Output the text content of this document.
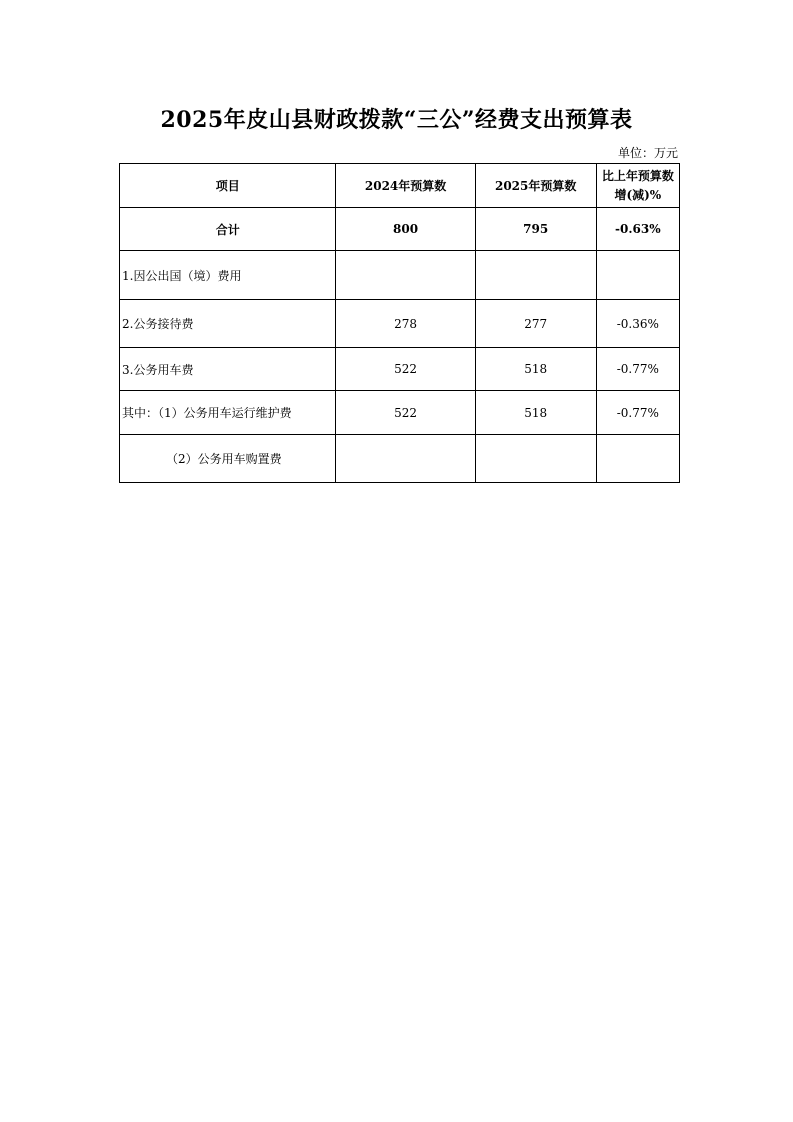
2025年皮山县财政拨款“三公”经费支出预算表
单位：万元
项目	2024年预算数	2025年预算数	比上年预算数
增(减)%
合计	800	795	-0.63%
1.因公出国（境）费用			
2.公务接待费	278	277	-0.36%
3.公务用车费	522	518	-0.77%
其中：（1）公务用车运行维护费	522	518	-0.77%
（2）公务用车购置费			
